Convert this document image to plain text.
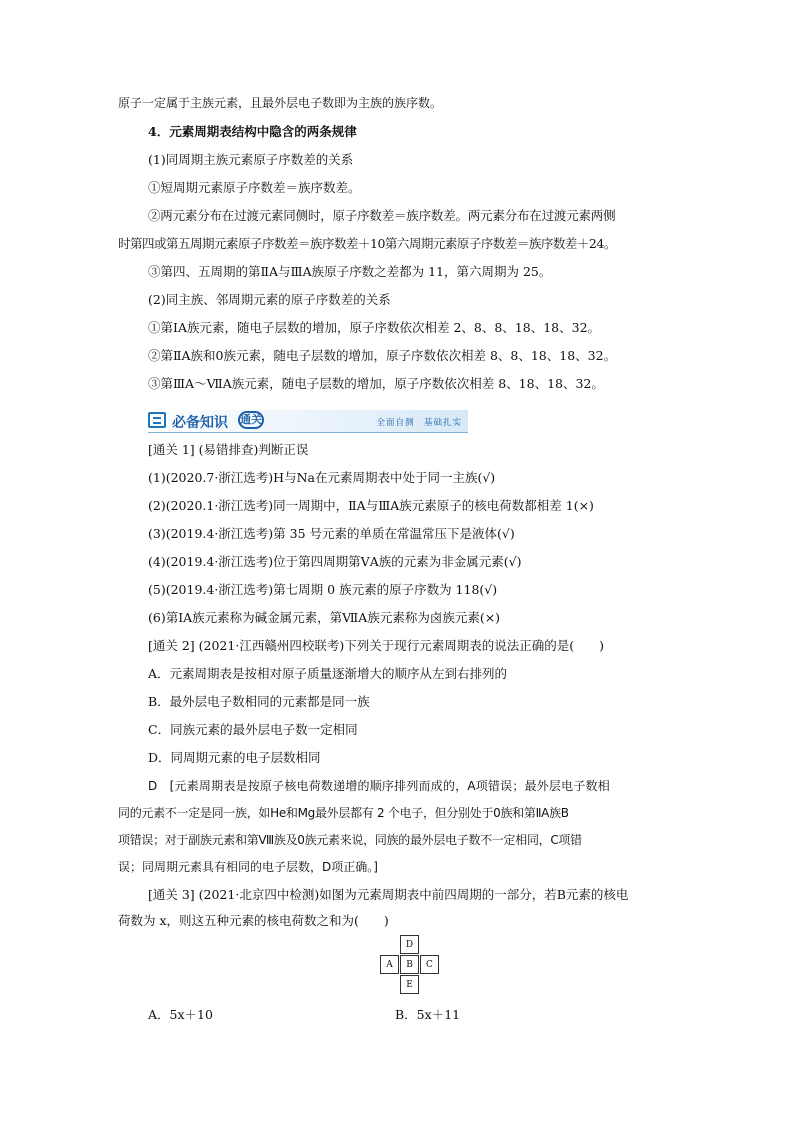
原子一定属于主族元素，且最外层电子数即为主族的族序数。
4．元素周期表结构中隐含的两条规律
(1)同周期主族元素原子序数差的关系
①短周期元素原子序数差＝族序数差。
②两元素分布在过渡元素同侧时，原子序数差＝族序数差。两元素分布在过渡元素两侧
时第四或第五周期元素原子序数差＝族序数差＋10第六周期元素原子序数差＝族序数差＋24。
③第四、五周期的第ⅡA与ⅢA族原子序数之差都为 11，第六周期为 25。
(2)同主族、邻周期元素的原子序数差的关系
①第ⅠA族元素，随电子层数的增加，原子序数依次相差 2、8、8、18、18、32。
②第ⅡA族和0族元素，随电子层数的增加，原子序数依次相差 8、8、18、18、32。
③第ⅢA～ⅦA族元素，随电子层数的增加，原子序数依次相差 8、18、18、32。
必备知识 通关	全面自测　基础扎实
[通关 1] (易错排查)判断正误
(1)(2020.7·浙江选考)H与Na在元素周期表中处于同一主族(√)
(2)(2020.1·浙江选考)同一周期中，ⅡA与ⅢA族元素原子的核电荷数都相差 1(×)
(3)(2019.4·浙江选考)第 35 号元素的单质在常温常压下是液体(√)
(4)(2019.4·浙江选考)位于第四周期第ⅤA族的元素为非金属元素(√)
(5)(2019.4·浙江选考)第七周期 0 族元素的原子序数为 118(√)
(6)第ⅠA族元素称为碱金属元素，第ⅦA族元素称为卤族元素(×)
[通关 2] (2021·江西赣州四校联考)下列关于现行元素周期表的说法正确的是(　　)
A．元素周期表是按相对原子质量逐渐增大的顺序从左到右排列的
B．最外层电子数相同的元素都是同一族
C．同族元素的最外层电子数一定相同
D．同周期元素的电子层数相同
D　[元素周期表是按原子核电荷数递增的顺序排列而成的，A项错误；最外层电子数相
同的元素不一定是同一族，如He和Mg最外层都有 2 个电子，但分别处于0族和第ⅡA族B
项错误；对于副族元素和第Ⅷ族及0族元素来说，同族的最外层电子数不一定相同，C项错
误；同周期元素具有相同的电子层数，D项正确。]
[通关 3] (2021·北京四中检测)如图为元素周期表中前四周期的一部分，若B元素的核电
荷数为 x，则这五种元素的核电荷数之和为(　　)
D
A	B	C
E
A．5x＋10	B．5x＋11
